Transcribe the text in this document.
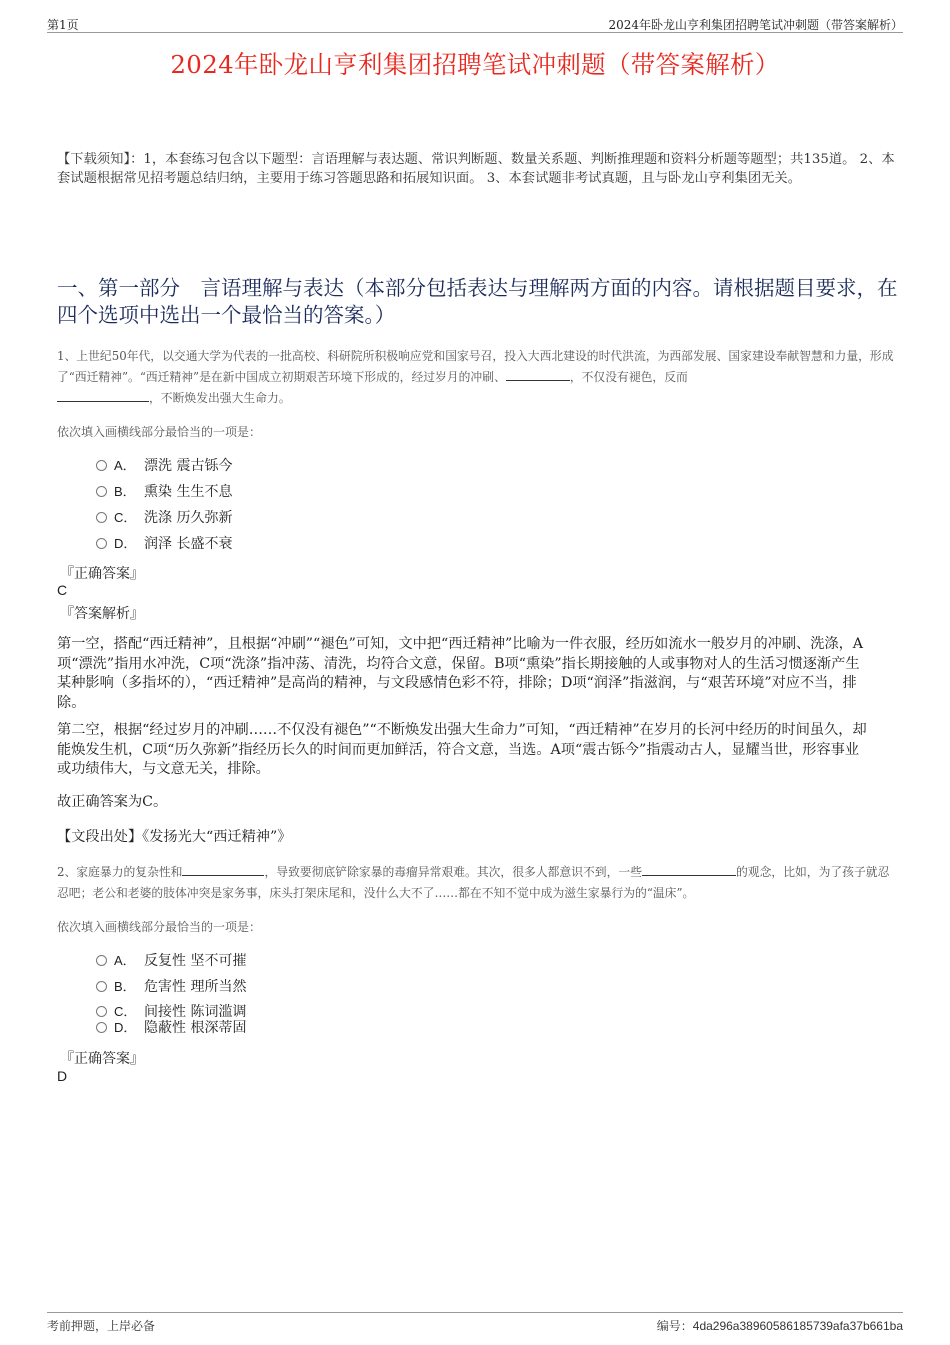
第1页	2024年卧龙山亨利集团招聘笔试冲刺题（带答案解析）
2024年卧龙山亨利集团招聘笔试冲刺题（带答案解析）
【下载须知】：1，本套练习包含以下题型：言语理解与表达题、常识判断题、数量关系题、判断推理题和资料分析题等题型；共135道。 2、本套试题根据常见招考题总结归纳，主要用于练习答题思路和拓展知识面。 3、本套试题非考试真题，且与卧龙山亨利集团无关。
一、第一部分　言语理解与表达（本部分包括表达与理解两方面的内容。请根据题目要求，在四个选项中选出一个最恰当的答案。）
1、上世纪50年代，以交通大学为代表的一批高校、科研院所积极响应党和国家号召，投入大西北建设的时代洪流，为西部发展、国家建设奉献智慧和力量，形成了“西迁精神”。“西迁精神”是在新中国成立初期艰苦环境下形成的，经过岁月的冲刷、	，不仅没有褪色，反而
，不断焕发出强大生命力。
依次填入画横线部分最恰当的一项是：
A． 漂洗 震古铄今
B． 熏染 生生不息
C． 洗涤 历久弥新
D． 润泽 长盛不衰
『正确答案』
C
『答案解析』
第一空，搭配“西迁精神”，且根据“冲刷”“褪色”可知，文中把“西迁精神”比喻为一件衣服，经历如流水一般岁月的冲刷、洗涤，A项“漂洗”指用水冲洗，C项“洗涤”指冲荡、清洗，均符合文意，保留。B项“熏染”指长期接触的人或事物对人的生活习惯逐渐产生某种影响（多指坏的），“西迁精神”是高尚的精神，与文段感情色彩不符，排除；D项“润泽”指滋润，与“艰苦环境”对应不当，排除。
第二空，根据“经过岁月的冲刷……不仅没有褪色”“不断焕发出强大生命力”可知，“西迁精神”在岁月的长河中经历的时间虽久，却能焕发生机，C项“历久弥新”指经历长久的时间而更加鲜活，符合文意，当选。A项“震古铄今”指震动古人，显耀当世，形容事业或功绩伟大，与文意无关，排除。
故正确答案为C。
【文段出处】《发扬光大“西迁精神”》
2、家庭暴力的复杂性和	，导致要彻底铲除家暴的毒瘤异常艰难。其次，很多人都意识不到，一些	的观念，比如，为了孩子就忍忍吧；老公和老婆的肢体冲突是家务事，床头打架床尾和，没什么大不了……都在不知不觉中成为滋生家暴行为的“温床”。
依次填入画横线部分最恰当的一项是：
A． 反复性 坚不可摧
B． 危害性 理所当然
C． 间接性 陈词滥调
D． 隐蔽性 根深蒂固
『正确答案』
D
考前押题，上岸必备	编号：4da296a38960586185739afa37b661ba
